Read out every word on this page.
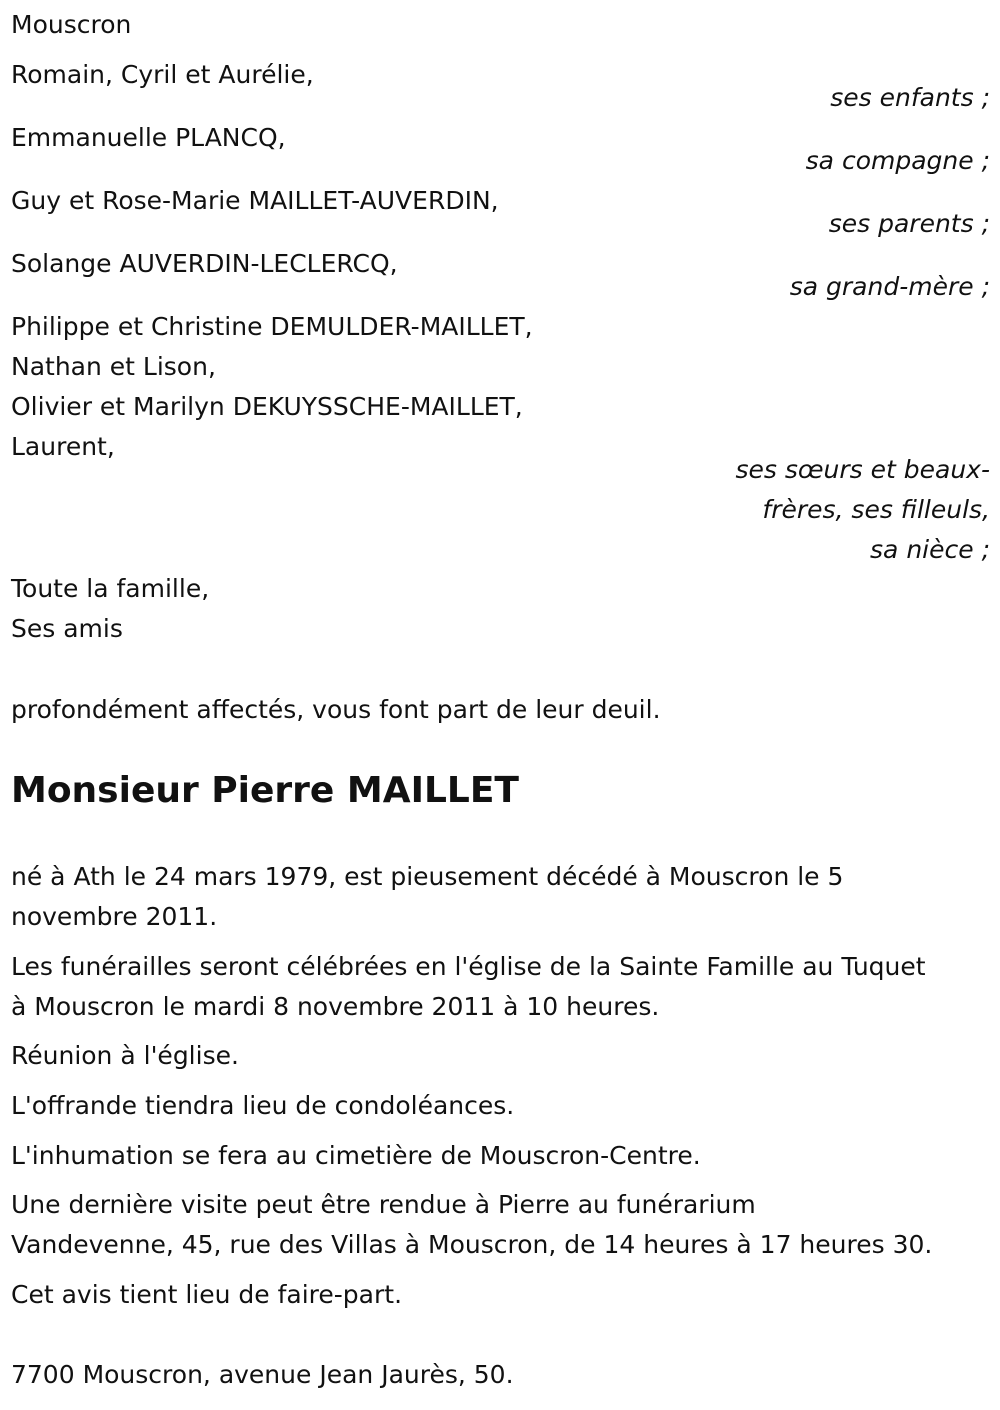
Mouscron
Romain, Cyril et Aurélie,
ses enfants ;
Emmanuelle PLANCQ,
sa compagne ;
Guy et Rose-Marie MAILLET-AUVERDIN,
ses parents ;
Solange AUVERDIN-LECLERCQ,
sa grand-mère ;
Philippe et Christine DEMULDER-MAILLET,
Nathan et Lison,
Olivier et Marilyn DEKUYSSCHE-MAILLET,
Laurent,
ses sœurs et beaux-
frères, ses filleuls,
sa nièce ;
Toute la famille,
Ses amis
profondément affectés, vous font part de leur deuil.
Monsieur Pierre MAILLET
né à Ath le 24 mars 1979, est pieusement décédé à Mouscron le 5
novembre 2011.
Les funérailles seront célébrées en l'église de la Sainte Famille au Tuquet
à Mouscron le mardi 8 novembre 2011 à 10 heures.
Réunion à l'église.
L'offrande tiendra lieu de condoléances.
L'inhumation se fera au cimetière de Mouscron-Centre.
Une dernière visite peut être rendue à Pierre au funérarium
Vandevenne, 45, rue des Villas à Mouscron, de 14 heures à 17 heures 30.
Cet avis tient lieu de faire-part.
7700 Mouscron, avenue Jean Jaurès, 50.
